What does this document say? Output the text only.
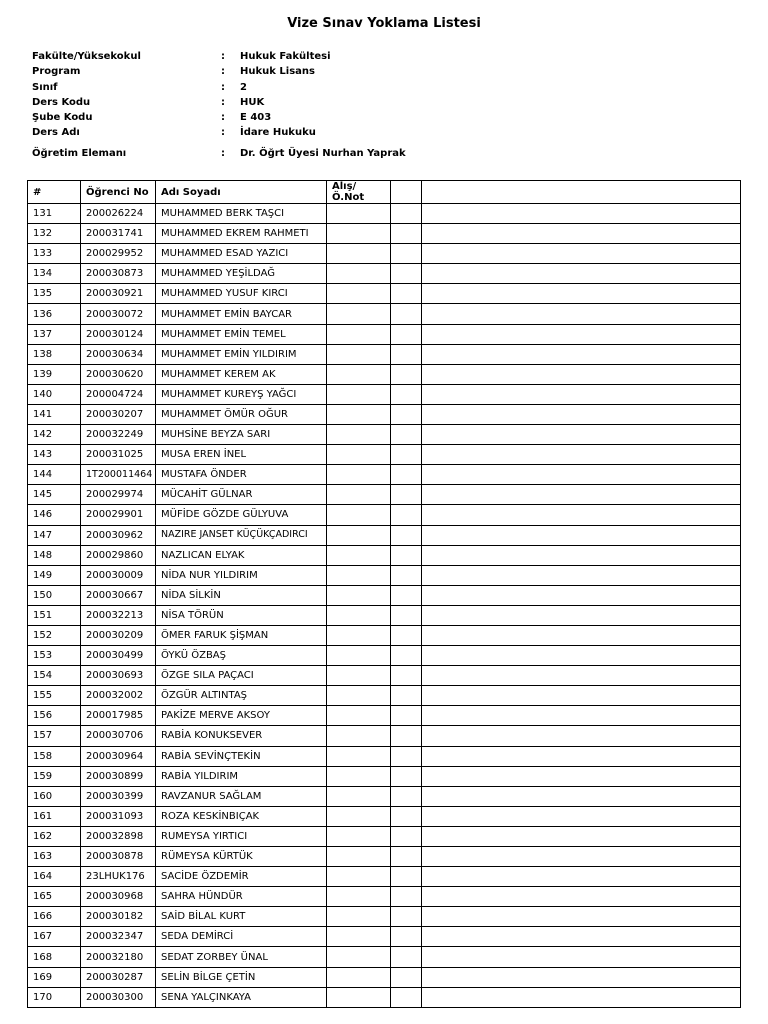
Vize Sınav Yoklama Listesi
Fakülte/Yüksekokul	: Hukuk Fakültesi
Program	: Hukuk Lisans
Sınıf	: 2
Ders Kodu	: HUK
Şube Kodu	: E 403
Ders Adı	: İdare Hukuku
Öğretim Elemanı	: Dr. Öğrt Üyesi Nurhan Yaprak
#	Öğrenci No	Adı Soyadı	Alış/ Ö.Not		
131	200026224	MUHAMMED BERK TAŞCI			
132	200031741	MUHAMMED EKREM RAHMETI			
133	200029952	MUHAMMED ESAD YAZICI			
134	200030873	MUHAMMED YEŞİLDAĞ			
135	200030921	MUHAMMED YUSUF KIRCI			
136	200030072	MUHAMMET EMİN BAYCAR			
137	200030124	MUHAMMET EMİN TEMEL			
138	200030634	MUHAMMET EMİN YILDIRIM			
139	200030620	MUHAMMET KEREM AK			
140	200004724	MUHAMMET KUREYŞ YAĞCI			
141	200030207	MUHAMMET ÖMÜR OĞUR			
142	200032249	MUHSİNE BEYZA SARI			
143	200031025	MUSA EREN İNEL			
144	1T200011464	MUSTAFA ÖNDER			
145	200029974	MÜCAHİT GÜLNAR			
146	200029901	MÜFİDE GÖZDE GÜLYUVA			
147	200030962	NAZIRE JANSET KÜÇÜKÇADIRCI			
148	200029860	NAZLICAN ELYAK			
149	200030009	NİDA NUR YILDIRIM			
150	200030667	NİDA SİLKİN			
151	200032213	NİSA TÖRÜN			
152	200030209	ÖMER FARUK ŞİŞMAN			
153	200030499	ÖYKÜ ÖZBAŞ			
154	200030693	ÖZGE SILA PAÇACI			
155	200032002	ÖZGÜR ALTINTAŞ			
156	200017985	PAKİZE MERVE AKSOY			
157	200030706	RABİA KONUKSEVER			
158	200030964	RABİA SEVİNÇTEKİN			
159	200030899	RABİA YILDIRIM			
160	200030399	RAVZANUR SAĞLAM			
161	200031093	ROZA KESKİNBIÇAK			
162	200032898	RUMEYSA YIRTICI			
163	200030878	RÜMEYSA KÜRTÜK			
164	23LHUK176	SACİDE ÖZDEMİR			
165	200030968	SAHRA HÜNDÜR			
166	200030182	SAİD BİLAL KURT			
167	200032347	SEDA DEMİRCİ			
168	200032180	SEDAT ZORBEY ÜNAL			
169	200030287	SELİN BİLGE ÇETİN			
170	200030300	SENA YALÇINKAYA			
